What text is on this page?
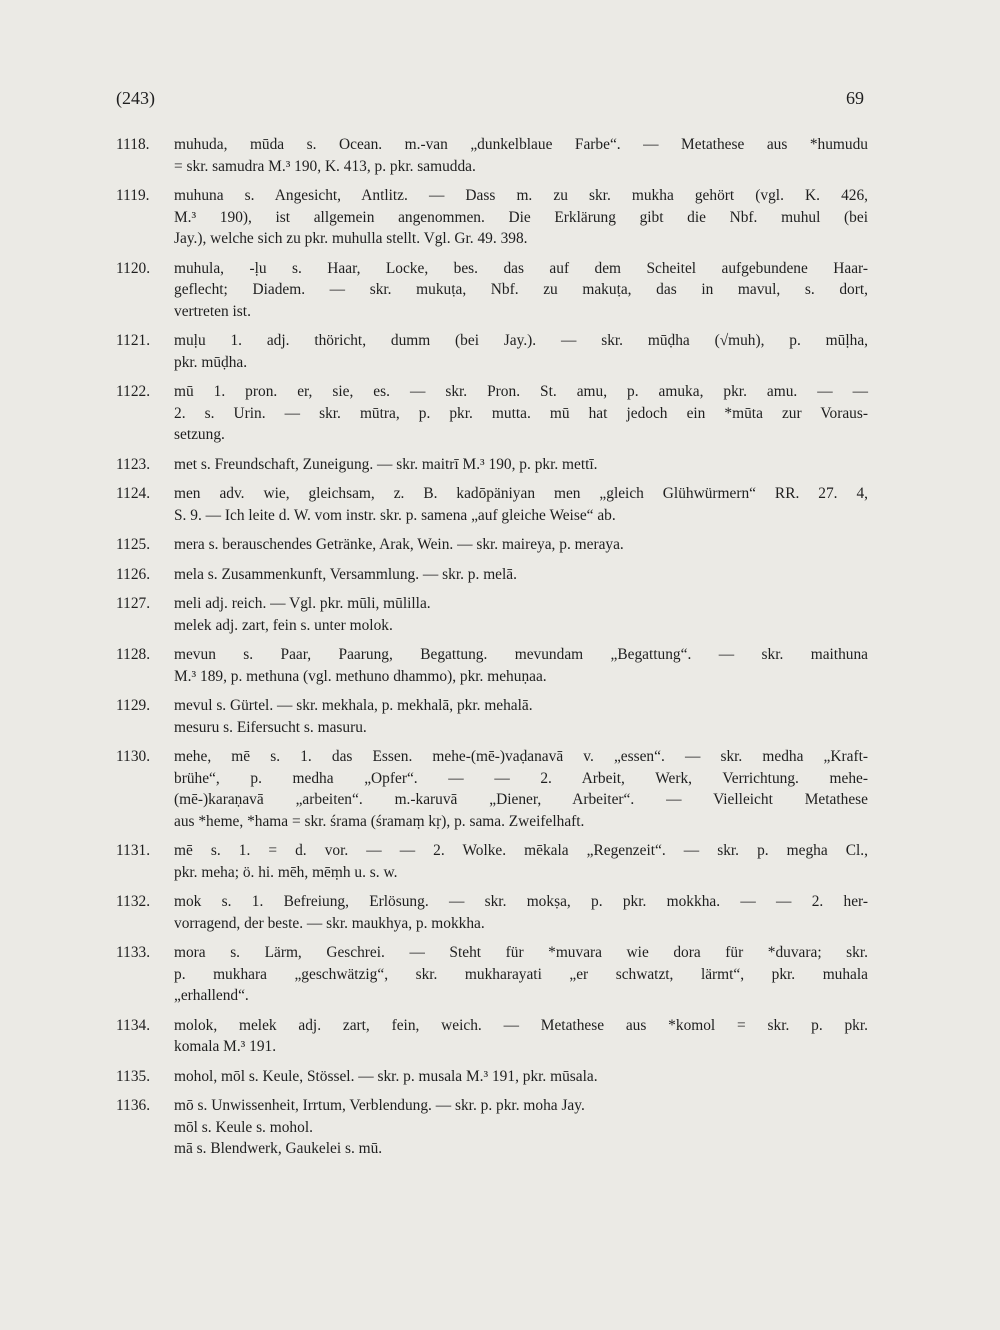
(243)	69
1118. muhuda, mūda s. Ocean. m.-van „dunkelblaue Farbe“. — Metathese aus *humudu
= skr. samudra M.³ 190, K. 413, p. pkr. samudda.
1119. muhuna s. Angesicht, Antlitz. — Dass m. zu skr. mukha gehört (vgl. K. 426,
M.³ 190), ist allgemein angenommen. Die Erklärung gibt die Nbf. muhul (bei
Jay.), welche sich zu pkr. muhulla stellt. Vgl. Gr. 49. 398.
1120. muhula, -ḷu s. Haar, Locke, bes. das auf dem Scheitel aufgebundene Haar-
geflecht; Diadem. — skr. mukuṭa, Nbf. zu makuṭa, das in mavul, s. dort,
vertreten ist.
1121. muḷu 1. adj. thöricht, dumm (bei Jay.). — skr. mūḍha (√muh), p. mūḷha,
pkr. mūḍha.
1122. mū 1. pron. er, sie, es. — skr. Pron. St. amu, p. amuka, pkr. amu. — —
2. s. Urin. — skr. mūtra, p. pkr. mutta. mū hat jedoch ein *mūta zur Voraus-
setzung.
1123. met s. Freundschaft, Zuneigung. — skr. maitrī M.³ 190, p. pkr. mettī.
1124. men adv. wie, gleichsam, z. B. kadōpäniyan men „gleich Glühwürmern“ RR. 27. 4,
S. 9. — Ich leite d. W. vom instr. skr. p. samena „auf gleiche Weise“ ab.
1125. mera s. berauschendes Getränke, Arak, Wein. — skr. maireya, p. meraya.
1126. mela s. Zusammenkunft, Versammlung. — skr. p. melā.
1127. meli adj. reich. — Vgl. pkr. mūli, mūlilla.
melek adj. zart, fein s. unter molok.
1128. mevun s. Paar, Paarung, Begattung. mevundam „Begattung“. — skr. maithuna
M.³ 189, p. methuna (vgl. methuno dhammo), pkr. mehuṇaa.
1129. mevul s. Gürtel. — skr. mekhala, p. mekhalā, pkr. mehalā.
mesuru s. Eifersucht s. masuru.
1130. mehe, mē s. 1. das Essen. mehe-(mē-)vaḍanavā v. „essen“. — skr. medha „Kraft-
brühe“, p. medha „Opfer“. — — 2. Arbeit, Werk, Verrichtung. mehe-
(mē-)karaṇavā „arbeiten“. m.-karuvā „Diener, Arbeiter“. — Vielleicht Metathese
aus *heme, *hama = skr. śrama (śramaṃ kṛ), p. sama. Zweifelhaft.
1131. mē s. 1. = d. vor. — — 2. Wolke. mēkala „Regenzeit“. — skr. p. megha Cl.,
pkr. meha; ö. hi. mēh, mēṃh u. s. w.
1132. mok s. 1. Befreiung, Erlösung. — skr. mokṣa, p. pkr. mokkha. — — 2. her-
vorragend, der beste. — skr. maukhya, p. mokkha.
1133. mora s. Lärm, Geschrei. — Steht für *muvara wie dora für *duvara; skr.
p. mukhara „geschwätzig“, skr. mukharayati „er schwatzt, lärmt“, pkr. muhala
„erhallend“.
1134. molok, melek adj. zart, fein, weich. — Metathese aus *komol = skr. p. pkr.
komala M.³ 191.
1135. mohol, mōl s. Keule, Stössel. — skr. p. musala M.³ 191, pkr. mūsala.
1136. mō s. Unwissenheit, Irrtum, Verblendung. — skr. p. pkr. moha Jay.
mōl s. Keule s. mohol.
mā s. Blendwerk, Gaukelei s. mū.
